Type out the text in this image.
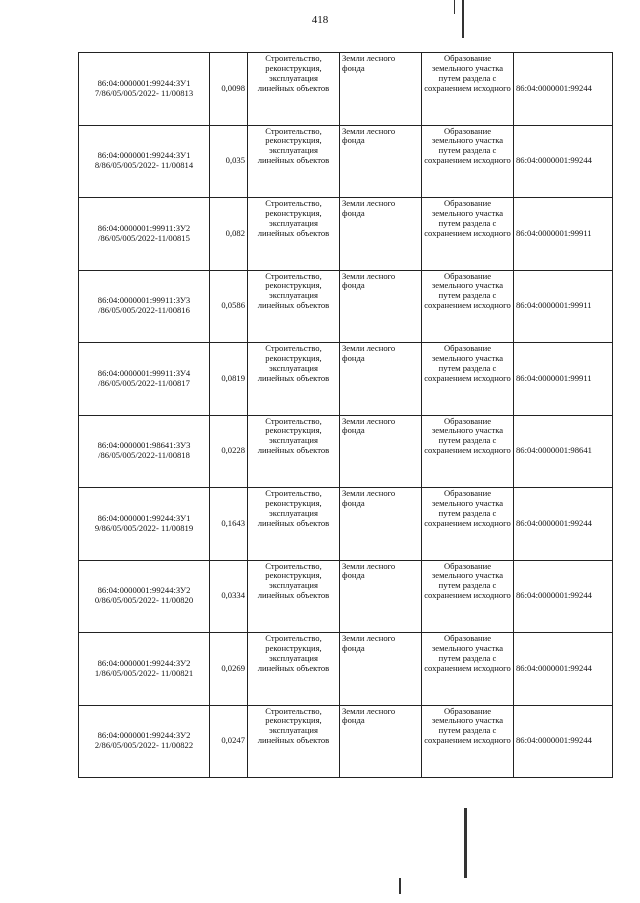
418
86:04:0000001:99244:ЗУ1 7/86/05/005/2022- 11/00813	0,0098	Строительство, реконструкция, эксплуатация линейных объектов	Земли лесного фонда	Образование земельного участка путем раздела с сохранением исходного	86:04:0000001:99244
86:04:0000001:99244:ЗУ1 8/86/05/005/2022- 11/00814	0,035	Строительство, реконструкция, эксплуатация линейных объектов	Земли лесного фонда	Образование земельного участка путем раздела с сохранением исходного	86:04:0000001:99244
86:04:0000001:99911:ЗУ2 /86/05/005/2022-11/00815	0,082	Строительство, реконструкция, эксплуатация линейных объектов	Земли лесного фонда	Образование земельного участка путем раздела с сохранением исходного	86:04:0000001:99911
86:04:0000001:99911:ЗУ3 /86/05/005/2022-11/00816	0,0586	Строительство, реконструкция, эксплуатация линейных объектов	Земли лесного фонда	Образование земельного участка путем раздела с сохранением исходного	86:04:0000001:99911
86:04:0000001:99911:ЗУ4 /86/05/005/2022-11/00817	0,0819	Строительство, реконструкция, эксплуатация линейных объектов	Земли лесного фонда	Образование земельного участка путем раздела с сохранением исходного	86:04:0000001:99911
86:04:0000001:98641:ЗУ3 /86/05/005/2022-11/00818	0,0228	Строительство, реконструкция, эксплуатация линейных объектов	Земли лесного фонда	Образование земельного участка путем раздела с сохранением исходного	86:04:0000001:98641
86:04:0000001:99244:ЗУ1 9/86/05/005/2022- 11/00819	0,1643	Строительство, реконструкция, эксплуатация линейных объектов	Земли лесного фонда	Образование земельного участка путем раздела с сохранением исходного	86:04:0000001:99244
86:04:0000001:99244:ЗУ2 0/86/05/005/2022- 11/00820	0,0334	Строительство, реконструкция, эксплуатация линейных объектов	Земли лесного фонда	Образование земельного участка путем раздела с сохранением исходного	86:04:0000001:99244
86:04:0000001:99244:ЗУ2 1/86/05/005/2022- 11/00821	0,0269	Строительство, реконструкция, эксплуатация линейных объектов	Земли лесного фонда	Образование земельного участка путем раздела с сохранением исходного	86:04:0000001:99244
86:04:0000001:99244:ЗУ2 2/86/05/005/2022- 11/00822	0,0247	Строительство, реконструкция, эксплуатация линейных объектов	Земли лесного фонда	Образование земельного участка путем раздела с сохранением исходного	86:04:0000001:99244
